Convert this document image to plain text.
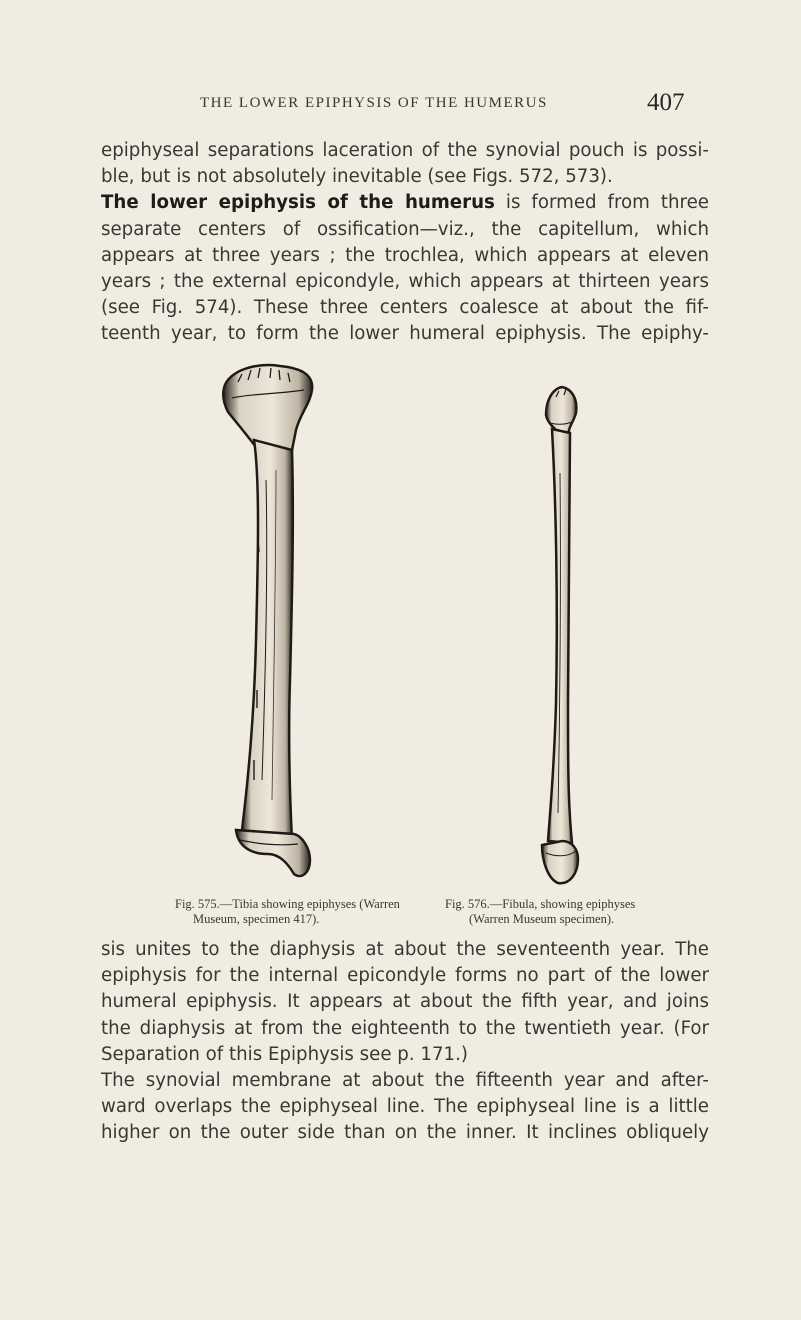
THE LOWER EPIPHYSIS OF THE HUMERUS	407
epiphyseal separations laceration of the synovial pouch is possi-
ble, but is not absolutely inevitable (see Figs. 572, 573).
The lower epiphysis of the humerus is formed from three
separate centers of ossification—viz., the capitellum, which
appears at three years ; the trochlea, which appears at eleven
years ; the external epicondyle, which appears at thirteen years
(see Fig. 574). These three centers coalesce at about the fif-
teenth year, to form the lower humeral epiphysis. The epiphy-
Fig. 575.—Tibia showing epiphyses (Warren
Museum, specimen 417).
Fig. 576.—Fibula, showing epiphyses
(Warren Museum specimen).
sis unites to the diaphysis at about the seventeenth year. The
epiphysis for the internal epicondyle forms no part of the lower
humeral epiphysis. It appears at about the fifth year, and joins
the diaphysis at from the eighteenth to the twentieth year. (For
Separation of this Epiphysis see p. 171.)
The synovial membrane at about the fifteenth year and after-
ward overlaps the epiphyseal line. The epiphyseal line is a little
higher on the outer side than on the inner. It inclines obliquely
